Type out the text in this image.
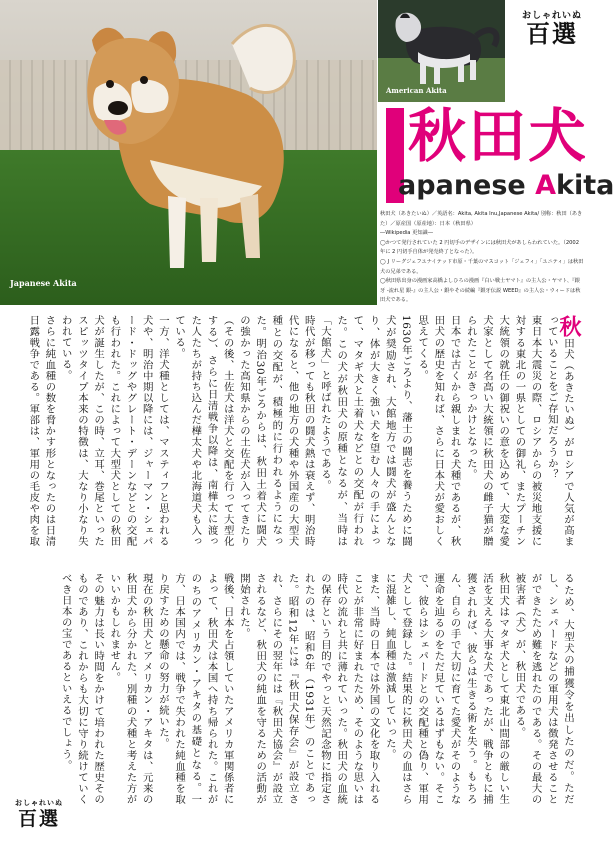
Japanese Akita
American Akita
おしゃれいぬ
百選
秋田犬
Japanese Akita
秋田犬（あきたいぬ）／英語名：Akita, Akita Inu,Japanese Akita/ 別称：秋田（あきた）／原産国（原産地）：日本（秋田県）
―Wikipedia 更知識―
◯かつて発行されていた 2 円切手のデザインには秋田犬があしらわれていた。（2002 年に 2 円切手自体が発売終了となった）。
◯ J リーグジェフユナイテッド市原・千葉のマスコット「ジェフィ」「ユニティ」は秋田犬の兄弟である。
◯秋田県出身の漫画家高橋よしひろの漫画『白い戦士ヤマト』の主人公・ヤマト、『銀牙 -流れ星 銀-』の主人公・銀やその続編『銀牙伝説 WEED』の主人公・ウィードは秋田犬である。

秋田犬（あきたいぬ）がロシアで人気が高まっていることをご存知だろうか？

東日本大震災の際、ロシアからの被災地支援に対する東北の一県としての御礼、またプーチン大統領の就任の御祝いの意を込めて、大変な愛犬家として名高い大統領に秋田犬の雌子猫が贈られたことがきっかけとなった。

日本では古くから親しまれる犬種であるが、秋田犬の歴史を知れば、さらに日本犬が愛おしく思えてくる。

1630年ごろより、藩士の闘志を養うために闘犬が奨励され、大館地方では闘犬が盛んとなり、体が大きく強い犬を望む人々の手によって、マタギ犬と土着犬などとの交配が行われた。この犬が秋田犬の原種となるが、当時は「大館犬」と呼ばれたようである。

時代が移っても秋田の闘犬熱は衰えず、明治時代になると、他の地方の犬種や外国産の大型犬種との交配が、積極的に行われるようになった。明治30年ごろからは、秋田土着犬に闘犬の強かった高知県からの土佐犬が入ってきたり（その後、土佐犬は洋犬と交配を行って大型化する）、さらに日清戦争以降は、南樺太に渡った人たちが持ち込んだ樺太犬や北海道犬も入っている。

一方、洋犬種としては、マスティフと思われる犬や、明治中期以降には、ジャーマン・シェパード・ドッグやグレート・デーンなどとの交配も行われた。これによって大型犬としての秋田犬が誕生したが、この時、立耳、巻尾といったスピッツタイプ本来の特徴は、大なり小なり失われている。

さらに純血種の数を脅かす形となったのは日清日露戦争である。軍部は、軍用の毛皮や肉を取るため、大型犬の捕獲令を出したのだ。ただし、シェパードなどの軍用犬は徴発させることができたため難を逃れたのである。その最大の被害者（犬）が、秋田犬である。

秋田犬はマタギ犬として東北山間部の厳しい生活を支える大事な犬であったが、戦争ともに捕獲されれば、彼らは生きる術を失う。もちろん、自らの手で大切に育てた愛犬がそのような運命を辿るのをただ見ているはずもない。そこで、彼らはシェパードとの交配種と偽り、軍用犬として登録した。結果的に秋田犬の血はさらに混雑し、純血種は激減していった。

また、当時の日本では外国の文化を取り入れることが非常に好まれたため、そのような思いは時代の流れと共に薄れていった。秋田犬の血統の保存という目的でやっと天然記念物に指定されたのは、昭和6年（1931年）のことであった。昭和12年には『秋田犬保存会』が設立され、さらにその翌年には『秋田犬協会』が設立されるなど、秋田犬の純血を守るための活動が開始された。

戦後、日本を占領していたアメリカ軍関係者によって、秋田犬は本国へ持ち帰られた。これがのちのアメリカン・アキタの基礎となる。一方、日本国内では、戦争で失われた純血種を取り戻すための懸命の努力が続いた。

現在の秋田犬とアメリカン・アキタは、元来の秋田犬から分かれた、別種の犬種と考えた方がいいかもしれません。

その魅力は長い時間をかけて培われた歴史そのものであり、これからも大切に守り続けていくべき日本の宝であるといえるでしょう。

おしゃれいぬ
百選
